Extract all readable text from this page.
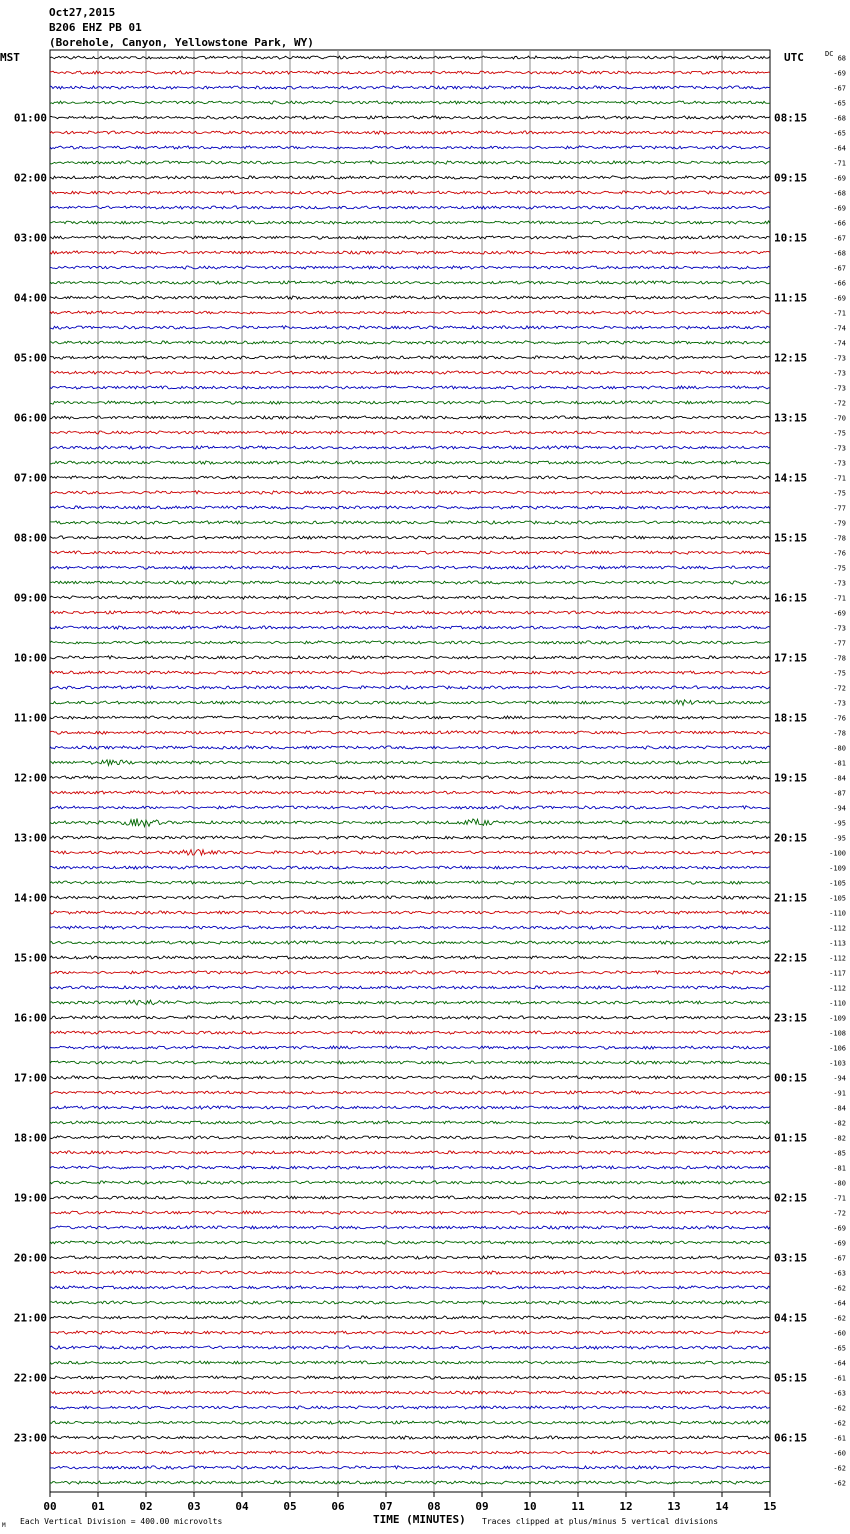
Oct27,2015
B206 EHZ PB 01
(Borehole, Canyon, Yellowstone Park, WY)
MST	UTC	DC
00	01	02	03	04	05	06	07	08	09	10	11	12	13	14	15
68
-69
-67
-65
-68
01:00	08:15
-65
-64
-71
-69
02:00	09:15
-68
-69
-66
-67
03:00	10:15
-68
-67
-66
-69
04:00	11:15
-71
-74
-74
-73
05:00	12:15
-73
-73
-72
-70
06:00	13:15
-75
-73
-73
-71
07:00	14:15
-75
-77
-79
-78
08:00	15:15
-76
-75
-73
-71
09:00	16:15
-69
-73
-77
-78
10:00	17:15
-75
-72
-73
-76
11:00	18:15
-78
-80
-81
-84
12:00	19:15
-87
-94
-95
-95
13:00	20:15
-100
-109
-105
-105
14:00	21:15
-110
-112
-113
-112
15:00	22:15
-117
-112
-110
-109
16:00	23:15
-108
-106
-103
-94
17:00	00:15
-91
-84
-82
-82
18:00	01:15
-85
-81
-80
-71
19:00	02:15
-72
-69
-69
-67
20:00	03:15
-63
-62
-64
-62
21:00	04:15
-60
-65
-64
-61
22:00	05:15
-63
-62
-62
-61
23:00	06:15
-60
-62
-62
TIME (MINUTES)
Each Vertical Division = 400.00 microvolts	Traces clipped at plus/minus 5 vertical divisions
M
